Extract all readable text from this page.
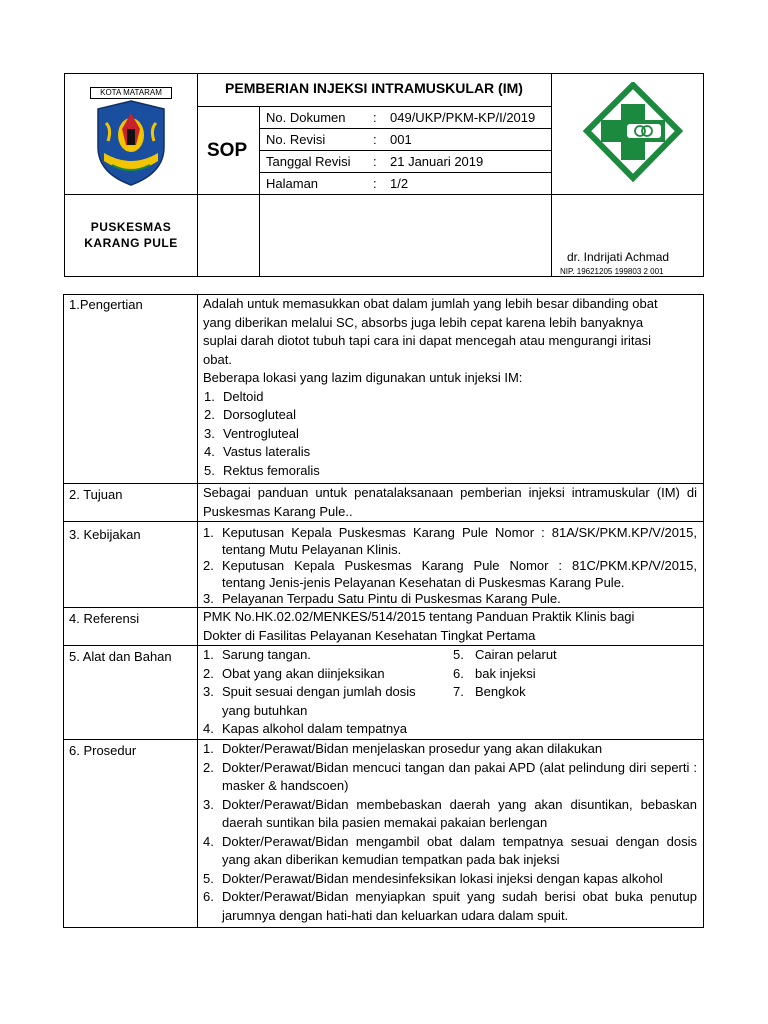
KOTA MATARAM	PEMBERIAN INJEKSI INTRAMUSKULAR (IM)
SOP
No. Dokumen : 049/UKP/PKM-KP/I/2019
No. Revisi	: 001
Tanggal Revisi : 21 Januari 2019
Halaman	: 1/2
PUSKESMAS
KARANG PULE
dr. Indrijati Achmad
NIP. 19621205 199803 2 001
1.Pengertian	Adalah untuk memasukkan obat dalam jumlah yang lebih besar dibanding obat
yang diberikan melalui SC, absorbs juga lebih cepat karena lebih banyaknya
suplai darah diotot tubuh tapi cara ini dapat mencegah atau mengurangi iritasi
obat.
Beberapa lokasi yang lazim digunakan untuk injeksi IM:
1. Deltoid
2. Dorsogluteal
3. Ventrogluteal
4. Vastus lateralis
5. Rektus femoralis
2. Tujuan	Sebagai panduan untuk penatalaksanaan pemberian injeksi intramuskular (IM) di Puskesmas Karang Pule..
3. Kebijakan	1. Keputusan Kepala Puskesmas Karang Pule Nomor : 81A/SK/PKM.KP/V/2015, tentang Mutu Pelayanan Klinis.
2. Keputusan Kepala Puskesmas Karang Pule Nomor : 81C/PKM.KP/V/2015, tentang Jenis-jenis Pelayanan Kesehatan di Puskesmas Karang Pule.
3. Pelayanan Terpadu Satu Pintu di Puskesmas Karang Pule.
4. Referensi	PMK No.HK.02.02/MENKES/514/2015 tentang Panduan Praktik Klinis bagi
Dokter di Fasilitas Pelayanan Kesehatan Tingkat Pertama
5. Alat dan Bahan 1. Sarung tangan.
2. Obat yang akan diinjeksikan
3. Spuit sesuai dengan jumlah dosis yang butuhkan
4. Kapas alkohol dalam tempatnya
5. Cairan pelarut
6. bak injeksi
7. Bengkok
6. Prosedur	1. Dokter/Perawat/Bidan menjelaskan prosedur yang akan dilakukan
2. Dokter/Perawat/Bidan mencuci tangan dan pakai APD (alat pelindung diri seperti : masker & handscoen)
3. Dokter/Perawat/Bidan membebaskan daerah yang akan disuntikan, bebaskan daerah suntikan bila pasien memakai pakaian berlengan
4. Dokter/Perawat/Bidan mengambil obat dalam tempatnya sesuai dengan dosis yang akan diberikan kemudian tempatkan pada bak injeksi
5. Dokter/Perawat/Bidan mendesinfeksikan lokasi injeksi dengan kapas alkohol
6. Dokter/Perawat/Bidan menyiapkan spuit yang sudah berisi obat buka penutup jarumnya dengan hati-hati dan keluarkan udara dalam spuit.
